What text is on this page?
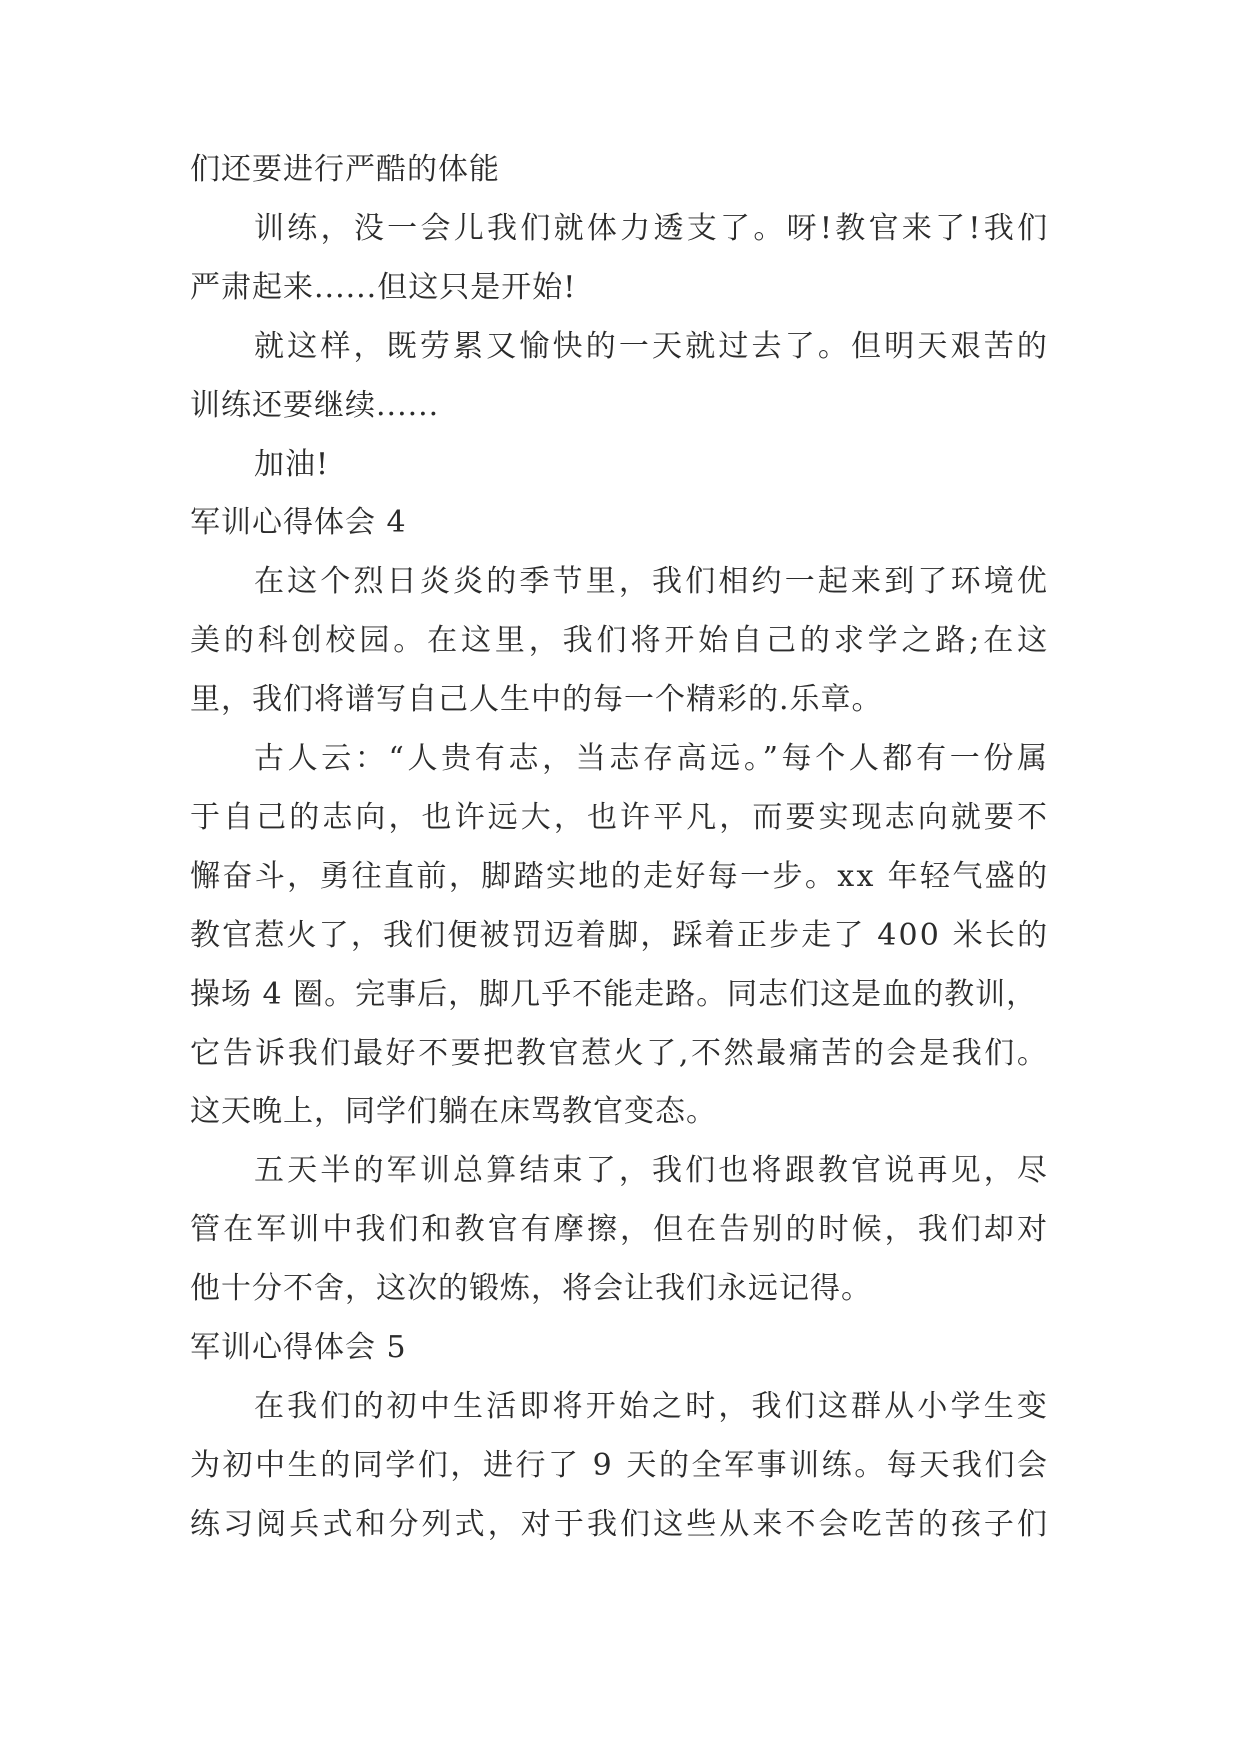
们还要进行严酷的体能

训练，没一会儿我们就体力透支了。呀!教官来了!我们

严肃起来......但这只是开始!

就这样，既劳累又愉快的一天就过去了。但明天艰苦的

训练还要继续......

加油!

军训心得体会 4

在这个烈日炎炎的季节里，我们相约一起来到了环境优

美的科创校园。在这里，我们将开始自己的求学之路;在这

里，我们将谱写自己人生中的每一个精彩的.乐章。

古人云：“人贵有志，当志存高远。”每个人都有一份属

于自己的志向，也许远大，也许平凡，而要实现志向就要不

懈奋斗，勇往直前，脚踏实地的走好每一步。xx 年轻气盛的

教官惹火了，我们便被罚迈着脚，踩着正步走了 400 米长的

操场 4 圈。完事后，脚几乎不能走路。同志们这是血的教训，

它告诉我们最好不要把教官惹火了,不然最痛苦的会是我们。

这天晚上，同学们躺在床骂教官变态。

五天半的军训总算结束了，我们也将跟教官说再见，尽

管在军训中我们和教官有摩擦，但在告别的时候，我们却对

他十分不舍，这次的锻炼，将会让我们永远记得。

军训心得体会 5

在我们的初中生活即将开始之时，我们这群从小学生变

为初中生的同学们，进行了 9 天的全军事训练。每天我们会

练习阅兵式和分列式，对于我们这些从来不会吃苦的孩子们
